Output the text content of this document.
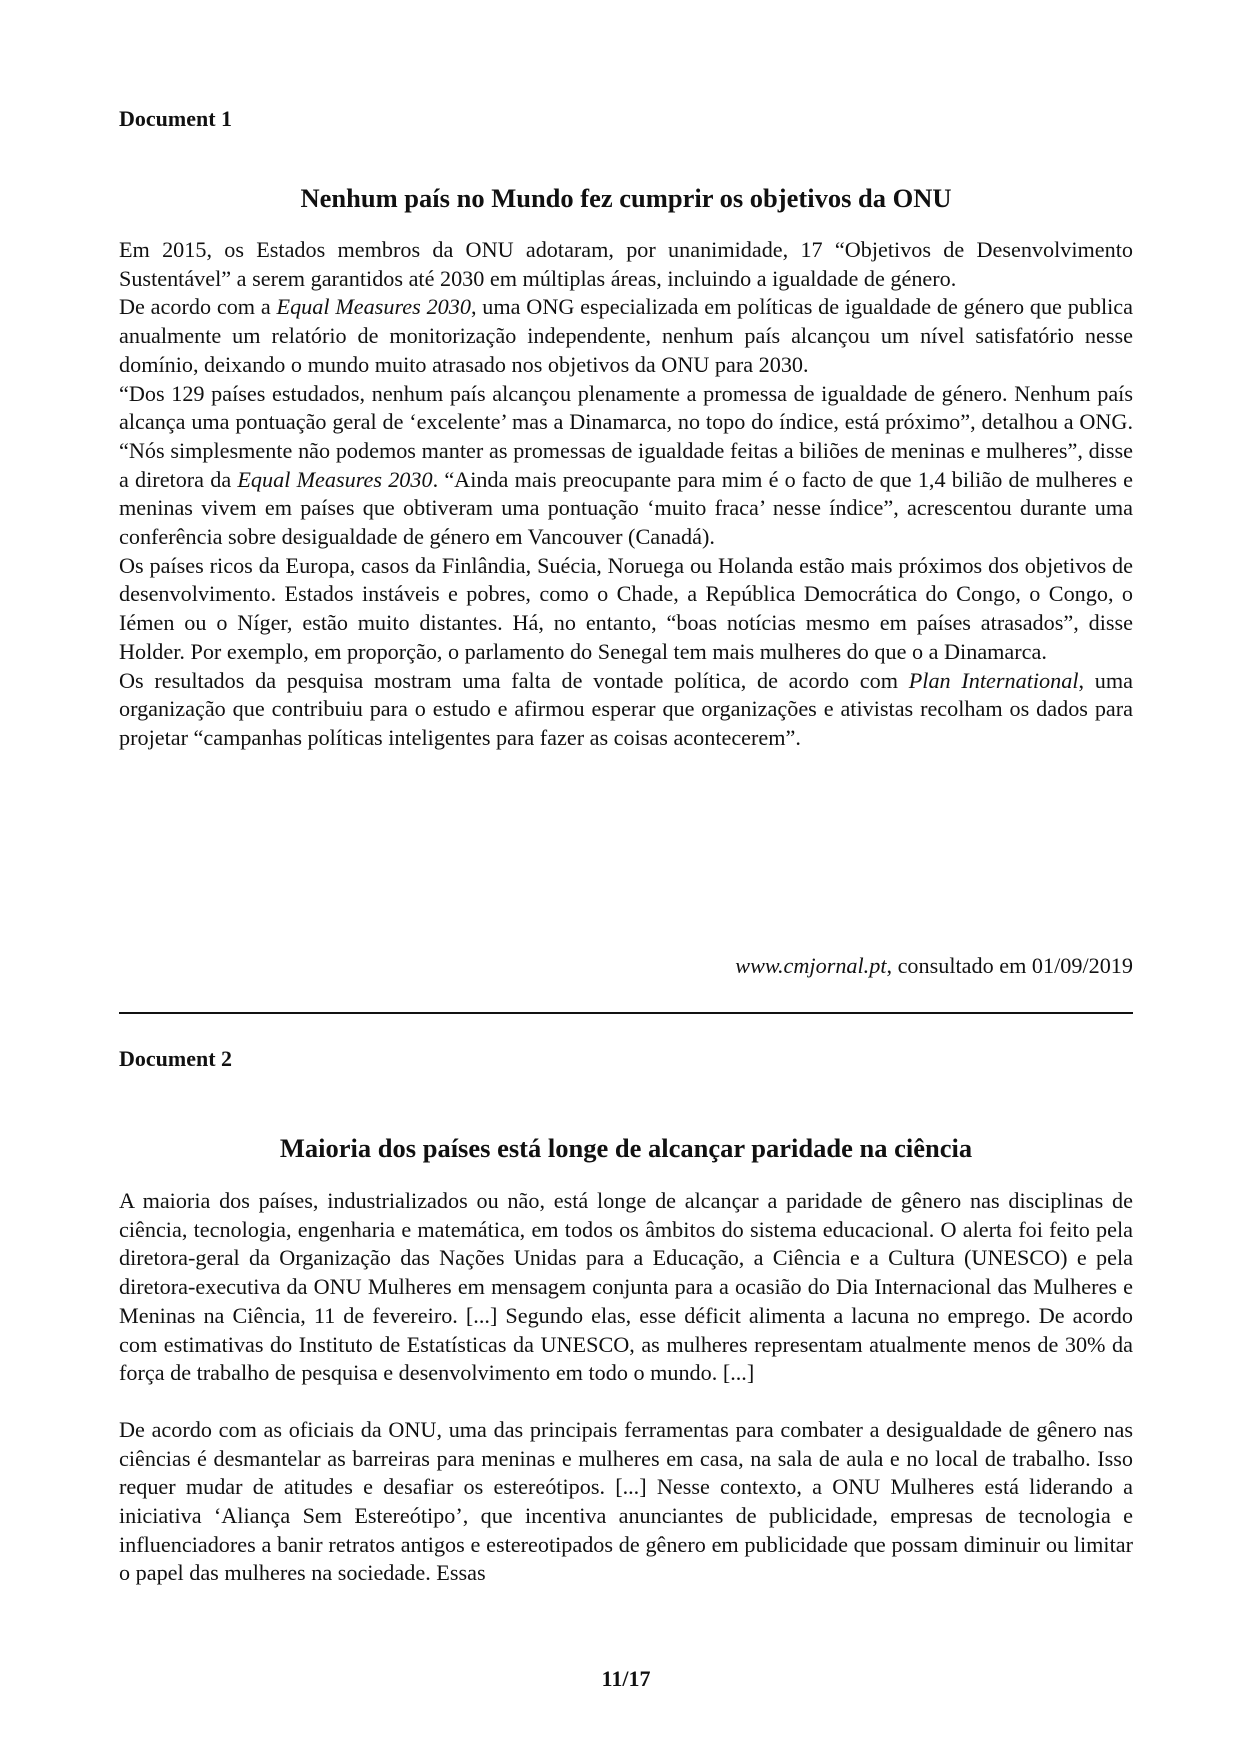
Document 1
Nenhum país no Mundo fez cumprir os objetivos da ONU

Em 2015, os Estados membros da ONU adotaram, por unanimidade, 17 “Objetivos de Desenvolvimento Sustentável” a serem garantidos até 2030 em múltiplas áreas, incluindo a igualdade de género.

De acordo com a Equal Measures 2030, uma ONG especializada em políticas de igualdade de género que publica anualmente um relatório de monitorização independente, nenhum país alcançou um nível satisfatório nesse domínio, deixando o mundo muito atrasado nos objetivos da ONU para 2030.

“Dos 129 países estudados, nenhum país alcançou plenamente a promessa de igualdade de género. Nenhum país alcança uma pontuação geral de ‘excelente’ mas a Dinamarca, no topo do índice, está próximo”, detalhou a ONG. “Nós simplesmente não podemos manter as promessas de igualdade feitas a biliões de meninas e mulheres”, disse a diretora da Equal Measures 2030. “Ainda mais preocupante para mim é o facto de que 1,4 bilião de mulheres e meninas vivem em países que obtiveram uma pontuação ‘muito fraca’ nesse índice”, acrescentou durante uma conferência sobre desigualdade de género em Vancouver (Canadá).

Os países ricos da Europa, casos da Finlândia, Suécia, Noruega ou Holanda estão mais próximos dos objetivos de desenvolvimento. Estados instáveis e pobres, como o Chade, a República Democrática do Congo, o Congo, o Iémen ou o Níger, estão muito distantes. Há, no entanto, “boas notícias mesmo em países atrasados”, disse Holder. Por exemplo, em proporção, o parlamento do Senegal tem mais mulheres do que o a Dinamarca.

Os resultados da pesquisa mostram uma falta de vontade política, de acordo com Plan International, uma organização que contribuiu para o estudo e afirmou esperar que organizações e ativistas recolham os dados para projetar “campanhas políticas inteligentes para fazer as coisas acontecerem”.

www.cmjornal.pt, consultado em 01/09/2019
Document 2
Maioria dos países está longe de alcançar paridade na ciência

A maioria dos países, industrializados ou não, está longe de alcançar a paridade de gênero nas disciplinas de ciência, tecnologia, engenharia e matemática, em todos os âmbitos do sistema educacional. O alerta foi feito pela diretora-geral da Organização das Nações Unidas para a Educação, a Ciência e a Cultura (UNESCO) e pela diretora-executiva da ONU Mulheres em mensagem conjunta para a ocasião do Dia Internacional das Mulheres e Meninas na Ciência, 11 de fevereiro. [...] Segundo elas, esse déficit alimenta a lacuna no emprego. De acordo com estimativas do Instituto de Estatísticas da UNESCO, as mulheres representam atualmente menos de 30% da força de trabalho de pesquisa e desenvolvimento em todo o mundo. [...]

De acordo com as oficiais da ONU, uma das principais ferramentas para combater a desigualdade de gênero nas ciências é desmantelar as barreiras para meninas e mulheres em casa, na sala de aula e no local de trabalho. Isso requer mudar de atitudes e desafiar os estereótipos. [...] Nesse contexto, a ONU Mulheres está liderando a iniciativa ‘Aliança Sem Estereótipo’, que incentiva anunciantes de publicidade, empresas de tecnologia e influenciadores a banir retratos antigos e estereotipados de gênero em publicidade que possam diminuir ou limitar o papel das mulheres na sociedade. Essas

11/17
